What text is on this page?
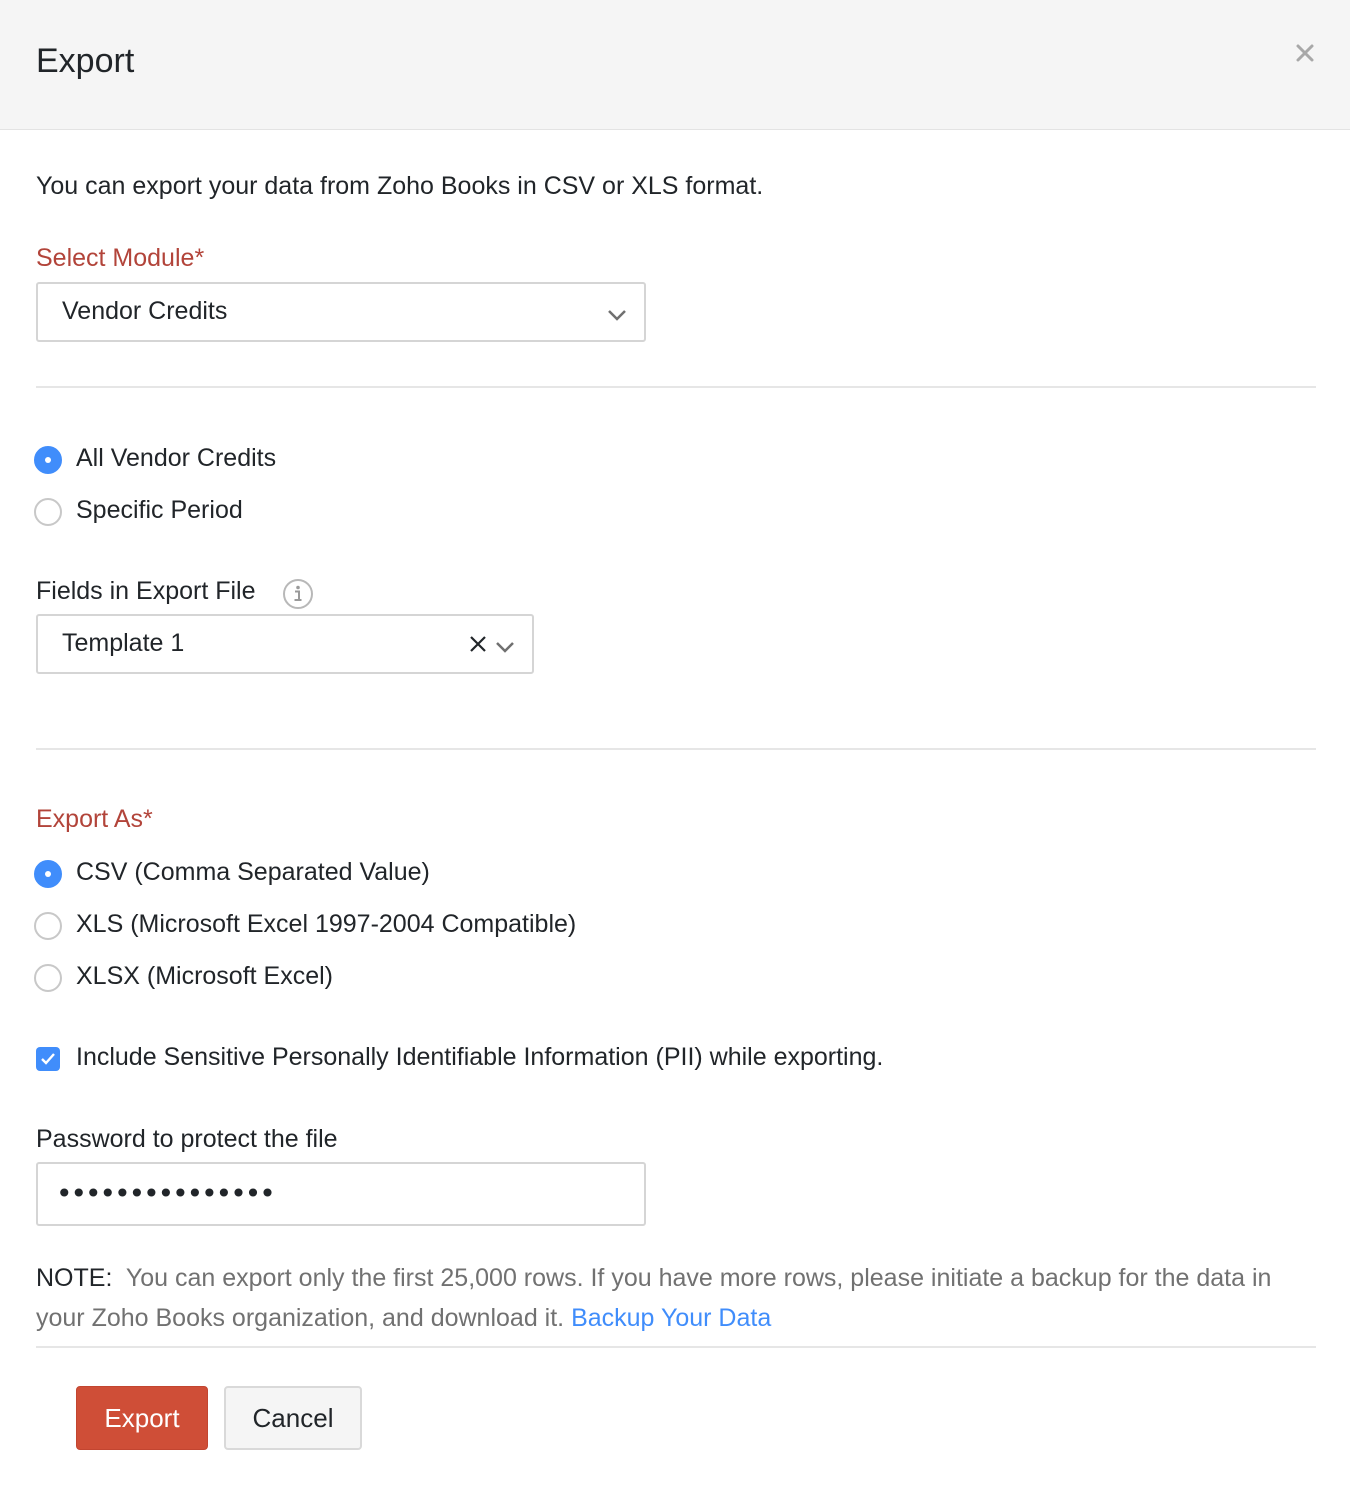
Export
You can export your data from Zoho Books in CSV or XLS format.
Select Module*
Vendor Credits
All Vendor Credits
Specific Period
Fields in Export File
Template 1
Export As*
CSV (Comma Separated Value)
XLS (Microsoft Excel 1997-2004 Compatible)
XLSX (Microsoft Excel)
Include Sensitive Personally Identifiable Information (PII) while exporting.
Password to protect the file
•••••••••••••••
NOTE: You can export only the first 25,000 rows. If you have more rows, please initiate a backup for the data in your Zoho Books organization, and download it. Backup Your Data
Export	Cancel
